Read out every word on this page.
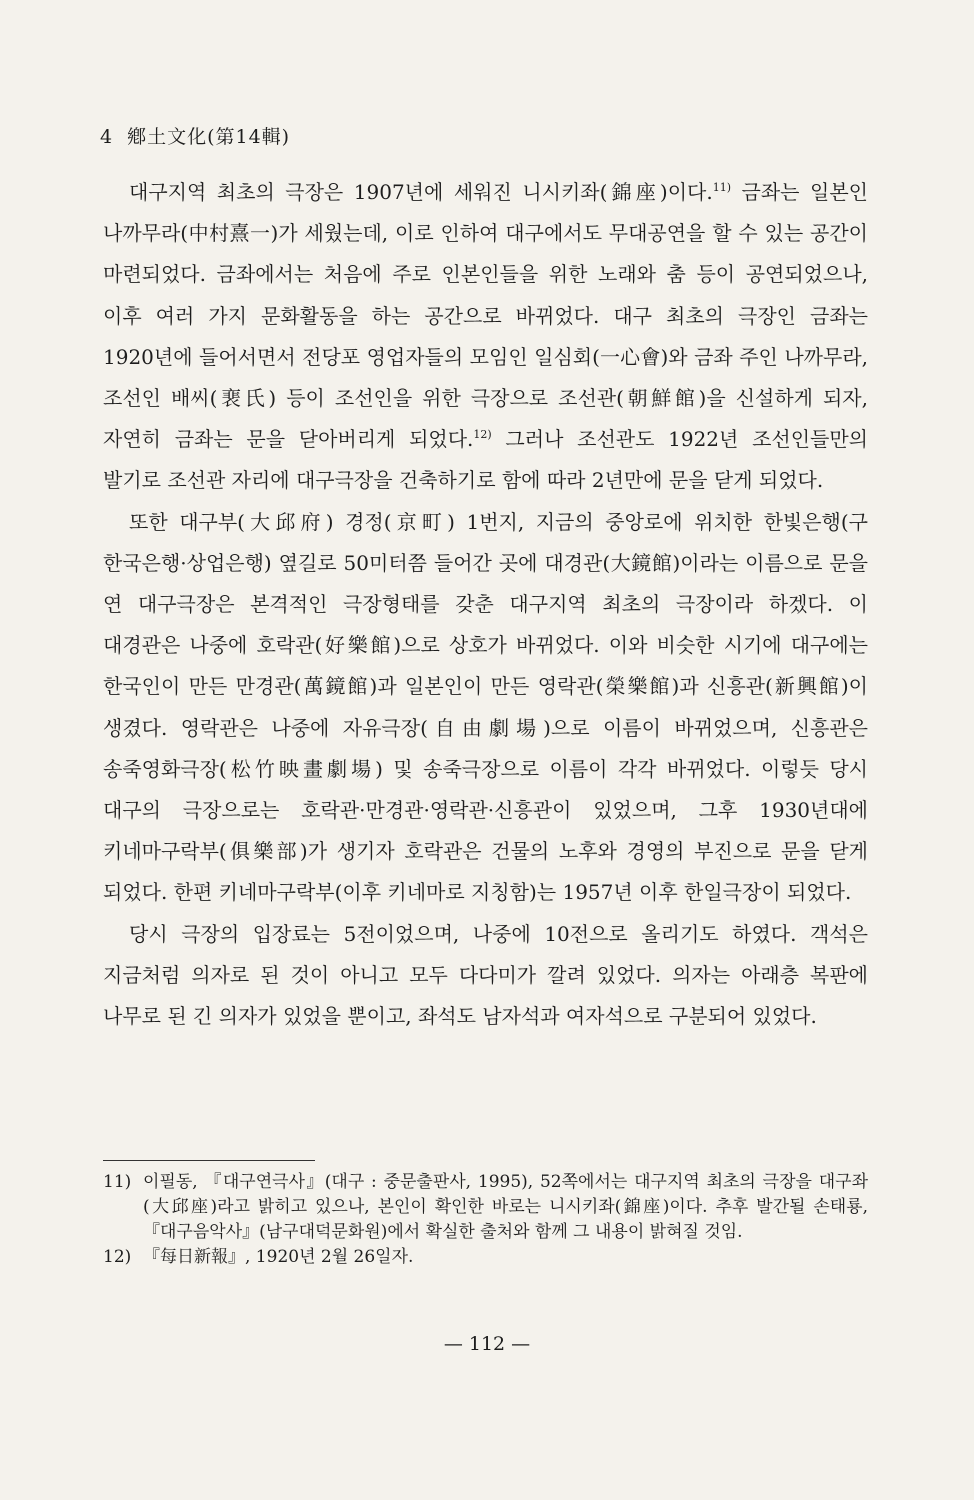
4 鄕土文化(第14輯)

대구지역 최초의 극장은 1907년에 세워진 니시키좌(錦座)이다.$^{11)}$ 금좌는 일본인 나까무라(中村熹一)가 세웠는데, 이로 인하여 대구에서도 무대공연을 할 수 있는 공간이 마련되었다. 금좌에서는 처음에 주로 인본인들을 위한 노래와 춤 등이 공연되었으나, 이후 여러 가지 문화활동을 하는 공간으로 바뀌었다. 대구 최초의 극장인 금좌는 1920년에 들어서면서 전당포 영업자들의 모임인 일심회(一心會)와 금좌 주인 나까무라, 조선인 배씨(裵氏) 등이 조선인을 위한 극장으로 조선관(朝鮮館)을 신설하게 되자, 자연히 금좌는 문을 닫아버리게 되었다.$^{12)}$ 그러나 조선관도 1922년 조선인들만의 발기로 조선관 자리에 대구극장을 건축하기로 함에 따라 2년만에 문을 닫게 되었다.

또한 대구부(大邱府) 경정(京町) 1번지, 지금의 중앙로에 위치한 한빛은행(구 한국은행·상업은행) 옆길로 50미터쯤 들어간 곳에 대경관(大鏡館)이라는 이름으로 문을 연 대구극장은 본격적인 극장형태를 갖춘 대구지역 최초의 극장이라 하겠다. 이 대경관은 나중에 호락관(好樂館)으로 상호가 바뀌었다. 이와 비슷한 시기에 대구에는 한국인이 만든 만경관(萬鏡館)과 일본인이 만든 영락관(榮樂館)과 신흥관(新興館)이 생겼다. 영락관은 나중에 자유극장(自由劇場)으로 이름이 바뀌었으며, 신흥관은 송죽영화극장(松竹映畫劇場) 및 송죽극장으로 이름이 각각 바뀌었다. 이렇듯 당시 대구의 극장으로는 호락관·만경관·영락관·신흥관이 있었으며, 그후 1930년대에 키네마구락부(俱樂部)가 생기자 호락관은 건물의 노후와 경영의 부진으로 문을 닫게 되었다. 한편 키네마구락부(이후 키네마로 지칭함)는 1957년 이후 한일극장이 되었다.

당시 극장의 입장료는 5전이었으며, 나중에 10전으로 올리기도 하였다. 객석은 지금처럼 의자로 된 것이 아니고 모두 다다미가 깔려 있었다. 의자는 아래층 복판에 나무로 된 긴 의자가 있었을 뿐이고, 좌석도 남자석과 여자석으로 구분되어 있었다.

11) 이필동, 『대구연극사』(대구 : 중문출판사, 1995), 52쪽에서는 대구지역 최초의 극장을 대구좌(大邱座)라고 밝히고 있으나, 본인이 확인한 바로는 니시키좌(錦座)이다. 추후 발간될 손태룡, 『대구음악사』(남구대덕문화원)에서 확실한 출처와 함께 그 내용이 밝혀질 것임.
12) 『每日新報』, 1920년 2월 26일자.
— 112 —
